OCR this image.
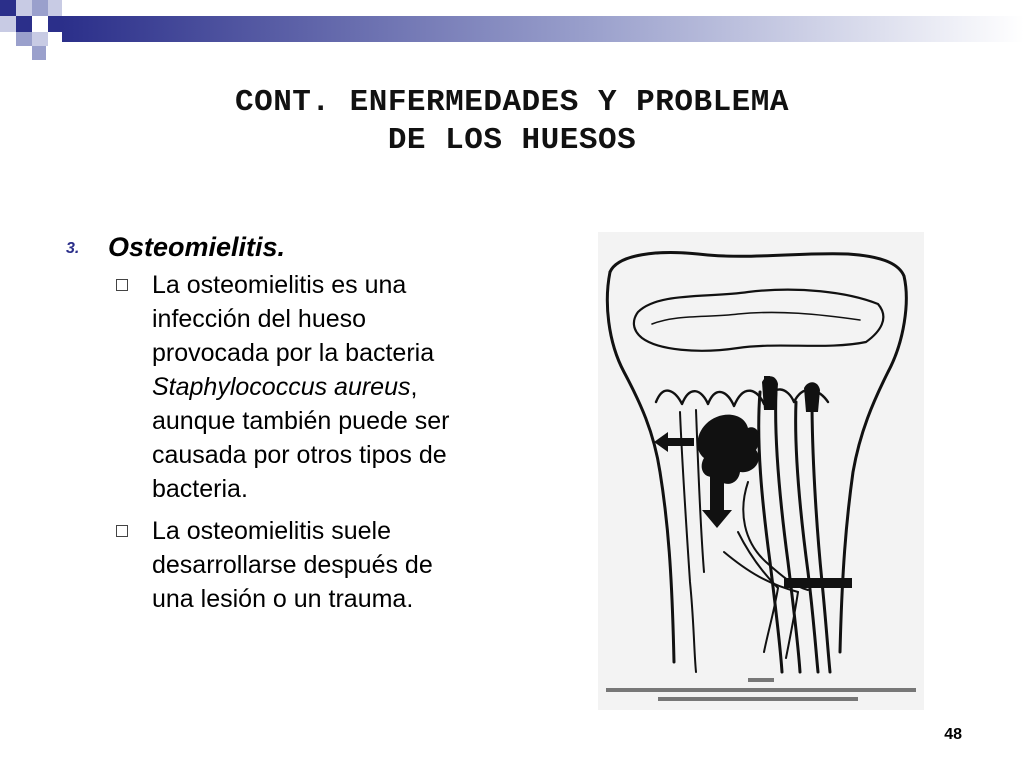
CONT. ENFERMEDADES Y PROBLEMA
DE LOS HUESOS
3. Osteomielitis.
La osteomielitis es una infección del hueso provocada por la bacteria Staphylococcus aureus, aunque también puede ser causada por otros tipos de bacteria.
La osteomielitis suele desarrollarse después de una lesión o un trauma.
48
